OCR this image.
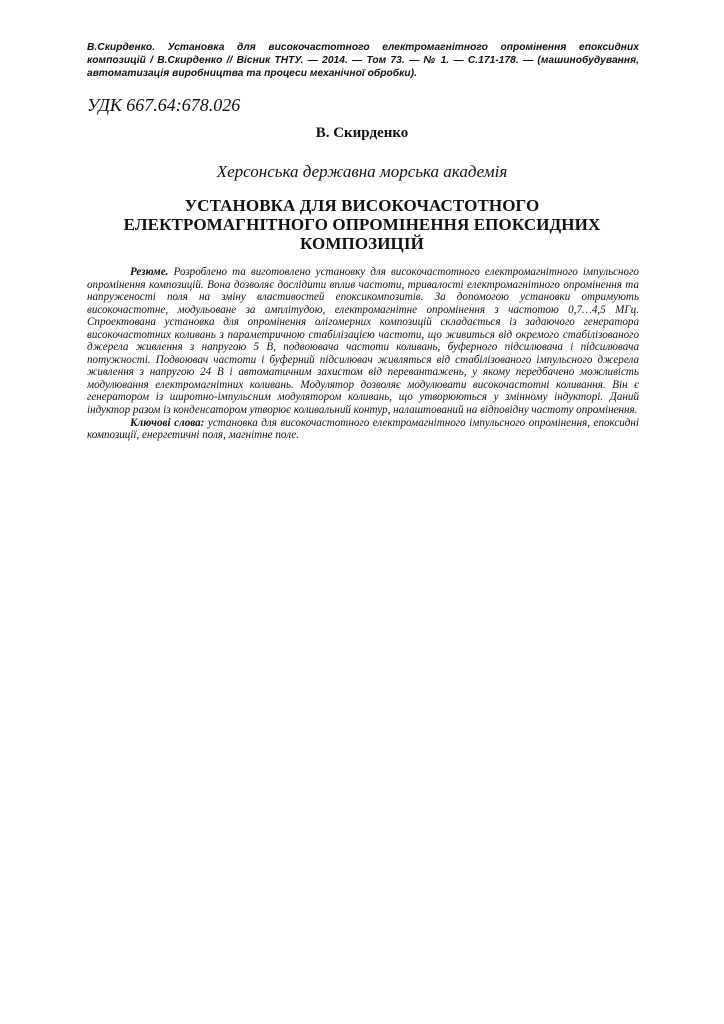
В.Скирденко. Установка для високочастотного електромагнітного опромінення епоксидних композицій / В.Скирденко // Вісник ТНТУ. — 2014. — Том 73. — № 1. — С.171-178. — (машинобудування, автоматизація виробництва та процеси механічної обробки).
УДК 667.64:678.026
В. Скирденко
Херсонська державна морська академія
УСТАНОВКА ДЛЯ ВИСОКОЧАСТОТНОГО ЕЛЕКТРОМАГНІТНОГО ОПРОМІНЕННЯ ЕПОКСИДНИХ КОМПОЗИЦІЙ

Резюме. Розроблено та виготовлено установку для високочастотного електромагнітного імпульсного опромінення композицій. Вона дозволяє дослідити вплив частоти, тривалості електромагнітного опромінення та напруженості поля на зміну властивостей епоксикомпозитів. За допомогою установки отримують високочастотне, модульоване за амплітудою, електромагнітне опромінення з частотою 0,7…4,5 МГц. Спроектована установка для опромінення олігомерних композицій складається із задаючого генератора високочастотних коливань з параметричною стабілізацією частоти, що живиться від окремого стабілізованого джерела живлення з напругою 5 В, подвоювача частоти коливань, буферного підсилювача і підсилювача потужності. Подвоювач частоти і буферний підсилювач живляться від стабілізованого імпульсного джерела живлення з напругою 24 В і автоматичним захистом від перевантажень, у якому передбачено можливість модулювання електромагнітних коливань. Модулятор дозволяє модулювати високочастотні коливання. Він є генератором із широтно-імпульсним модулятором коливань, що утворюються у змінному індукторі. Даний індуктор разом із конденсатором утворює коливальний контур, налаштований на відповідну частоту опромінення.

Ключові слова: установка для високочастотного електромагнітного імпульсного опромінення, епоксидні композиції, енергетичні поля, магнітне поле.
